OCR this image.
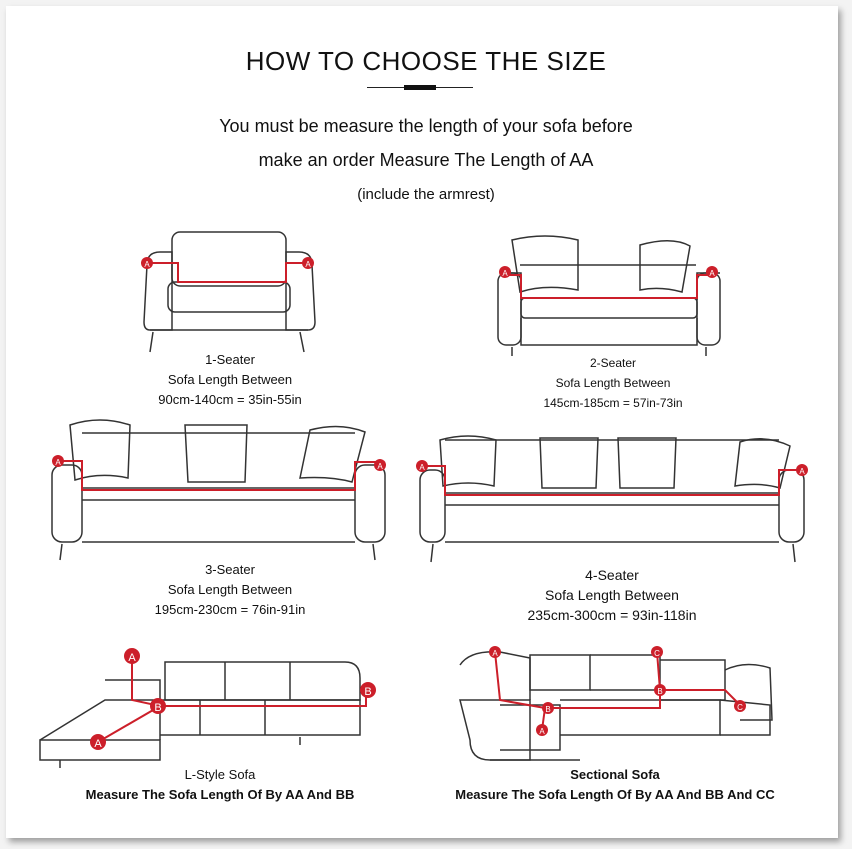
HOW TO CHOOSE THE SIZE
You must be measure the length of your sofa before
make an order Measure The Length of AA
(include the armrest)
A	A
A	A
A	A	A	A
A
A
B
B
A
A
B
B
C
C
1-Seater
Sofa Length Between
90cm-140cm = 35in-55in
2-Seater
Sofa Length Between
145cm-185cm = 57in-73in
3-Seater
Sofa Length Between
195cm-230cm = 76in-91in
4-Seater
Sofa Length Between
235cm-300cm = 93in-118in
L-Style Sofa
Measure The Sofa Length Of By AA And BB
Sectional Sofa
Measure The Sofa Length Of By AA And BB And CC
